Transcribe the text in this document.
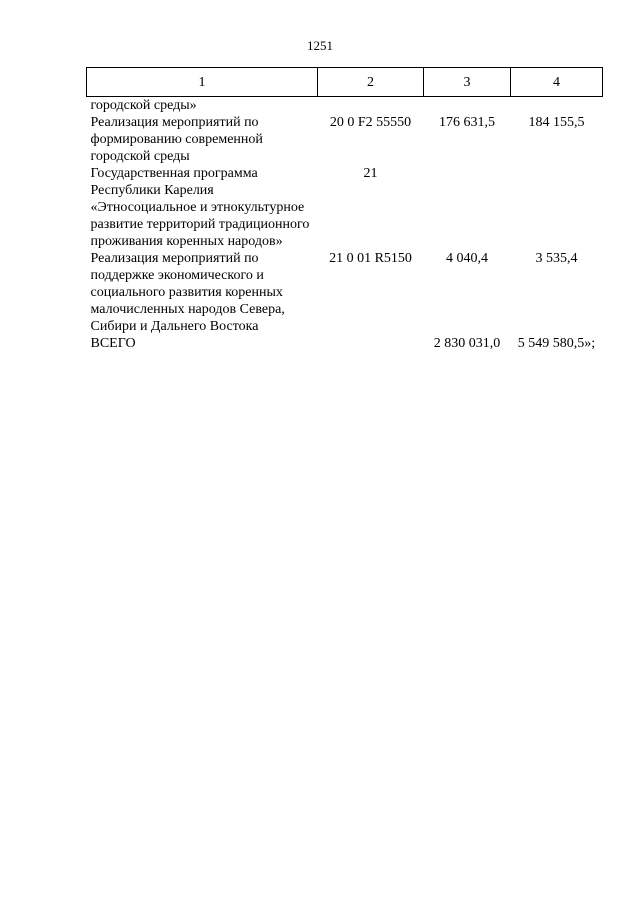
1251
1	2	3	4
городской среды»			
Реализация мероприятий по формированию современной городской среды	20 0 F2 55550	176 631,5	184 155,5
Государственная программа Республики Карелия «Этносоциальное и этнокультурное развитие территорий традиционного проживания коренных народов»	21		
Реализация мероприятий по поддержке экономического и социального развития коренных малочисленных народов Севера, Сибири и Дальнего Востока	21 0 01 R5150	4 040,4	3 535,4
ВСЕГО		2 830 031,0	5 549 580,5»;
